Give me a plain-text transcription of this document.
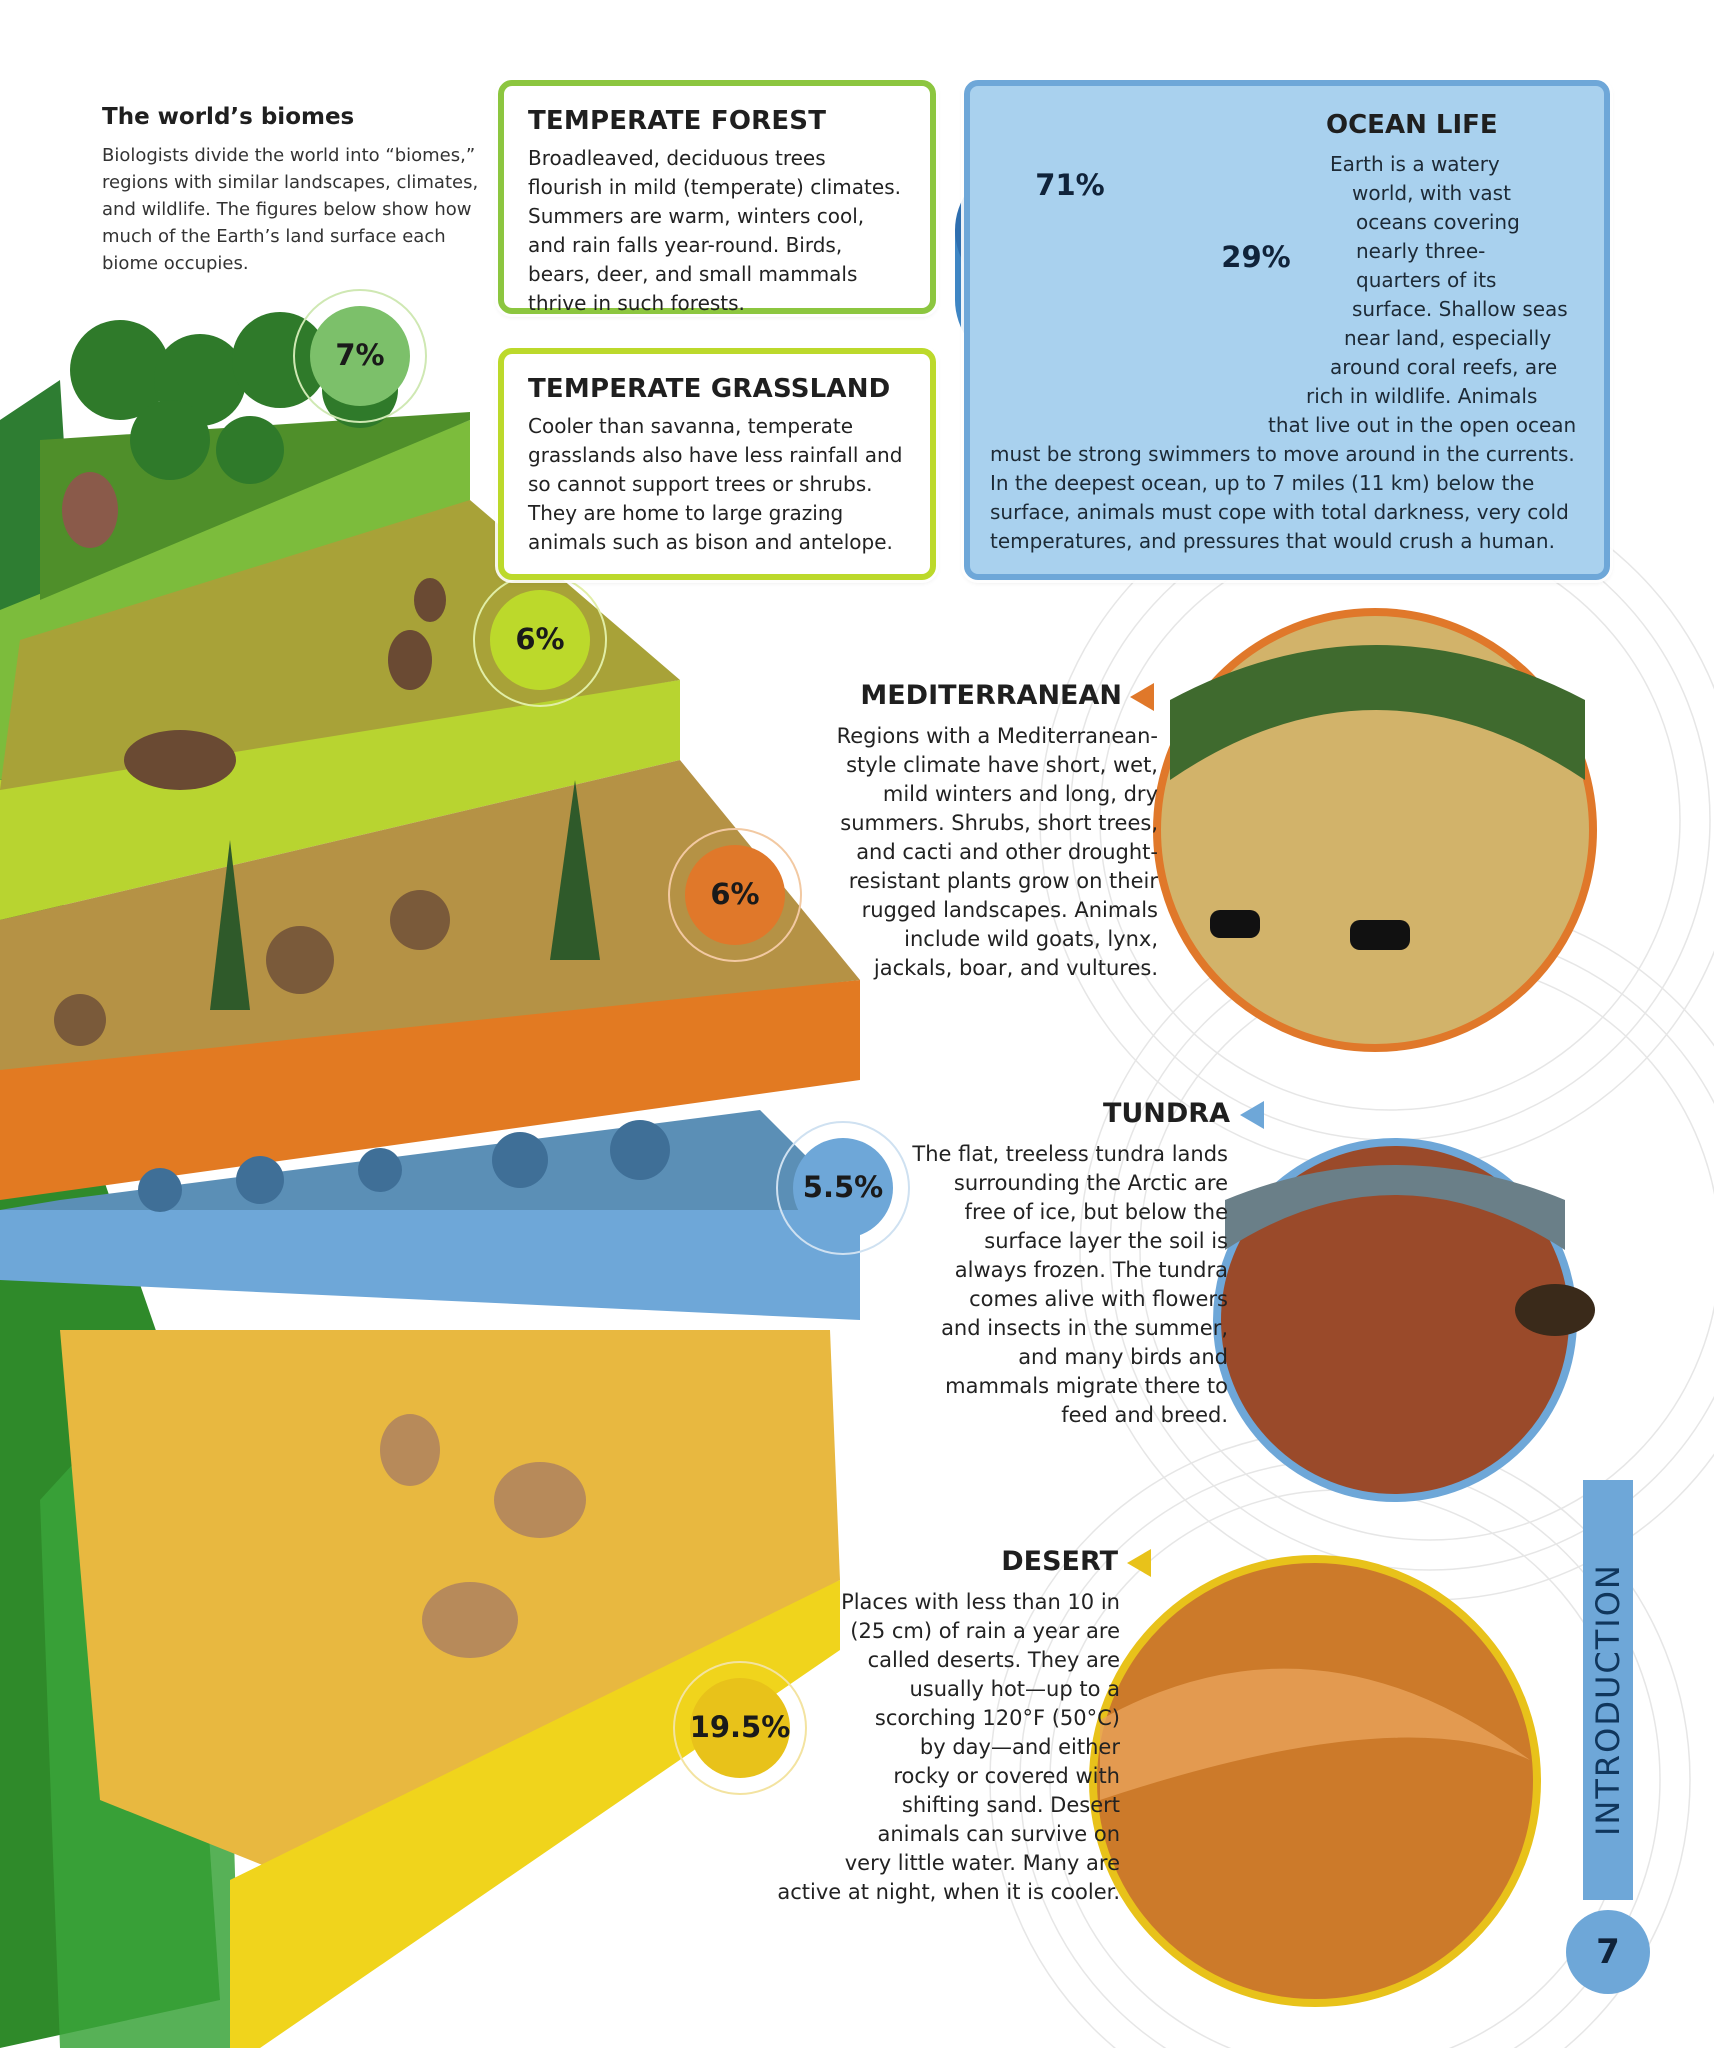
The world’s biomes
Biologists divide the world into “biomes,” regions with similar landscapes, climates, and wildlife. The figures below show how much of the Earth’s land surface each biome occupies.
TEMPERATE FOREST

Broadleaved, deciduous trees flourish in mild (temperate) climates. Summers are warm, winters cool, and rain falls year-round. Birds, bears, deer, and small mammals thrive in such forests.

TEMPERATE GRASSLAND

Cooler than savanna, temperate grasslands also have less rainfall and so cannot support trees or shrubs. They are home to large grazing animals such as bison and antelope.

OCEAN LIFE
Earth is a watery
world, with vast
oceans covering
nearly three-
quarters of its
surface. Shallow seas
near land, especially
around coral reefs, are
rich in wildlife. Animals
that live out in the open ocean
must be strong swimmers to move around in the currents.
In the deepest ocean, up to 7 miles (11 km) below the
surface, animals must cope with total darkness, very cold
temperatures, and pressures that would crush a human.
71%
29%
7%
6%
6%
5.5%
19.5%
MEDITERRANEAN
Regions with a Mediterranean-
style climate have short, wet,
mild winters and long, dry
summers. Shrubs, short trees,
and cacti and other drought-
resistant plants grow on their
rugged landscapes. Animals
include wild goats, lynx,
jackals, boar, and vultures.
TUNDRA
The flat, treeless tundra lands
surrounding the Arctic are
free of ice, but below the
surface layer the soil is
always frozen. The tundra
comes alive with flowers
and insects in the summer,
and many birds and
mammals migrate there to
feed and breed.
DESERT
Places with less than 10 in
(25 cm) of rain a year are
called deserts. They are
usually hot—up to a
scorching 120°F (50°C)
by day—and either
rocky or covered with
shifting sand. Desert
animals can survive on
very little water. Many are
active at night, when it is cooler.
INTRODUCTION
7
